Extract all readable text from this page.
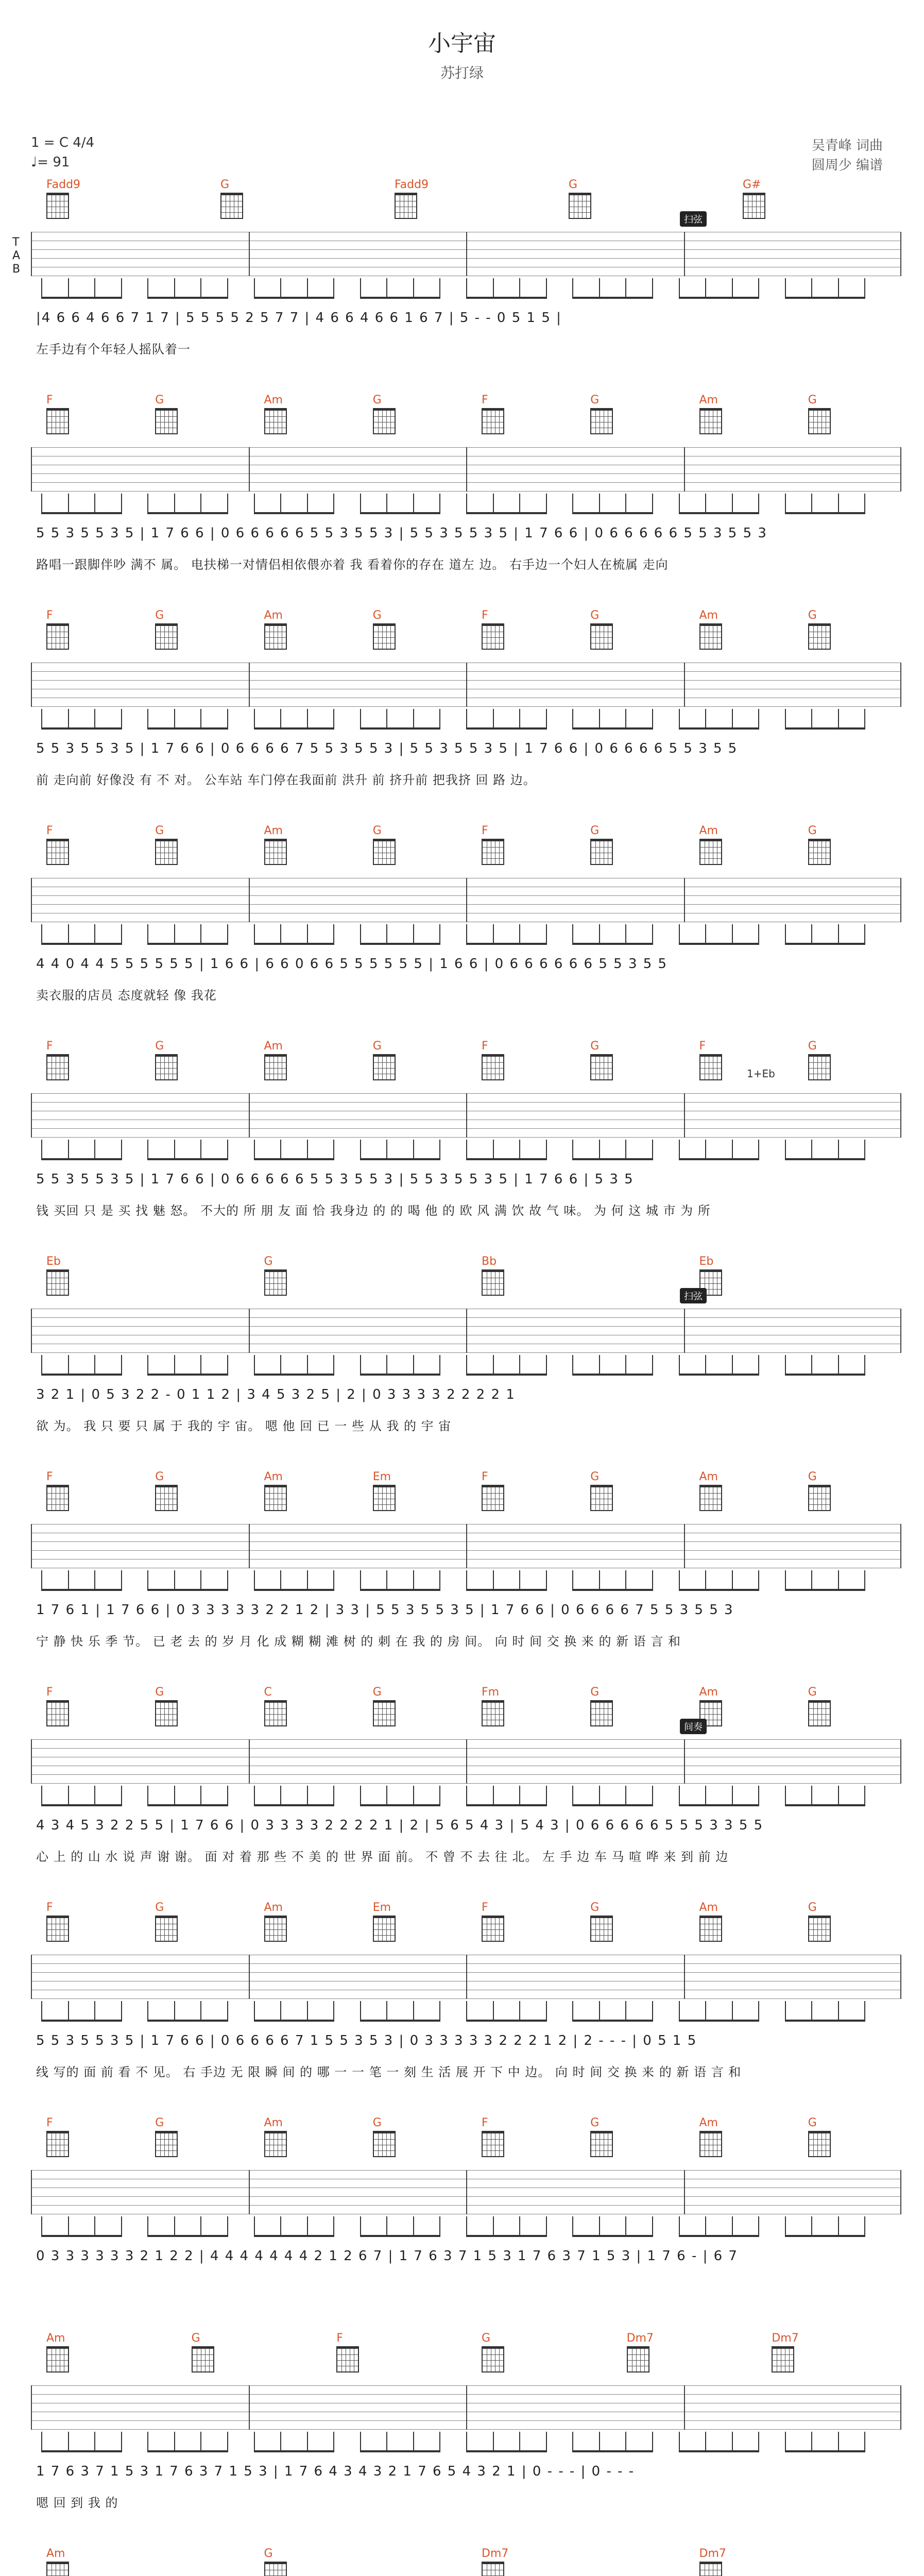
小宇宙
苏打绿
1 = C 4/4
♩= 91
吴青峰 词曲
圆周少 编谱
Fadd9	G	Fadd9	G	G#
T
A
B
|4 6 6 4 6 6 7 1 7 | 5 5 5 5 2 5 7 7 | 4 6 6 4 6 6 1 6 7 | 5 - - 0 5 1 5 |
左手边有个年轻人摇队着一
扫弦
F	G	Am	G	F	G	Am	G
5 5 3 5 5 3 5 | 1 7 6 6 | 0 6 6 6 6 6 5 5 3 5 5 3 | 5 5 3 5 5 3 5 | 1 7 6 6 | 0 6 6 6 6 6 5 5 3 5 5 3
路唱一跟脚伴吵 满不 属。 电扶梯一对情侣相依偎亦着 我 看着你的存在 道左 边。 右手边一个妇人在梳属 走向
F	G	Am	G	F	G	Am	G
5 5 3 5 5 3 5 | 1 7 6 6 | 0 6 6 6 6 7 5 5 3 5 5 3 | 5 5 3 5 5 3 5 | 1 7 6 6 | 0 6 6 6 6 5 5 3 5 5
前 走向前 好像没 有 不 对。 公车站 车门停在我面前 洪升 前 挤升前 把我挤 回 路 边。
F	G	Am	G	F	G	Am	G
4 4 0 4 4 5 5 5 5 5 5 | 1 6 6 | 6 6 0 6 6 5 5 5 5 5 5 | 1 6 6 | 0 6 6 6 6 6 6 5 5 3 5 5
卖衣服的店员 态度就轻 像 我花
F	G	Am	G	F	G	F	G
5 5 3 5 5 3 5 | 1 7 6 6 | 0 6 6 6 6 6 5 5 3 5 5 3 | 5 5 3 5 5 3 5 | 1 7 6 6 | 5 3 5
钱 买回 只 是 买 找 魅 怒。 不大的 所 朋 友 面 恰 我身边 的 的 喝 他 的 欧 风 满 饮 故 气 味。 为 何 这 城 市 为 所
1+Eb
Eb	G	Bb	Eb
3 2 1 | 0 5 3 2 2 - 0 1 1 2 | 3 4 5 3 2 5 | 2 | 0 3 3 3 3 2 2 2 2 1
欲 为。 我 只 要 只 属 于 我的 宇 宙。 嗯 他 回 已 一 些 从 我 的 宇 宙
扫弦
F	G	Am	Em	F	G	Am	G
1 7 6 1 | 1 7 6 6 | 0 3 3 3 3 3 2 2 1 2 | 3 3 | 5 5 3 5 5 3 5 | 1 7 6 6 | 0 6 6 6 6 7 5 5 3 5 5 3
宁 静 快 乐 季 节。 已 老 去 的 岁 月 化 成 糊 糊 滩 树 的 刺 在 我 的 房 间。 向 时 间 交 换 来 的 新 语 言 和
F	G	C	G	Fm	G	Am	G
4 3 4 5 3 2 2 5 5 | 1 7 6 6 | 0 3 3 3 3 2 2 2 2 1 | 2 | 5 6 5 4 3 | 5 4 3 | 0 6 6 6 6 6 5 5 5 3 3 5 5
心 上 的 山 水 说 声 谢 谢。 面 对 着 那 些 不 美 的 世 界 面 前。 不 曾 不 去 往 北。 左 手 边 车 马 喧 哗 来 到 前 边
间奏
F	G	Am	Em	F	G	Am	G
5 5 3 5 5 3 5 | 1 7 6 6 | 0 6 6 6 6 7 1 5 5 3 5 3 | 0 3 3 3 3 3 2 2 2 1 2 | 2 - - - | 0 5 1 5
线 写的 面 前 看 不 见。 右 手边 无 限 瞬 间 的 哪 一 一 笔 一 刻 生 活 展 开 下 中 边。 向 时 间 交 换 来 的 新 语 言 和
F	G	Am	G	F	G	Am	G
0 3 3 3 3 3 3 2 1 2 2 | 4 4 4 4 4 4 4 2 1 2 6 7 | 1 7 6 3 7 1 5 3 1 7 6 3 7 1 5 3 | 1 7 6 - | 6 7
Am	G	F	G	Dm7	Dm7
1 7 6 3 7 1 5 3 1 7 6 3 7 1 5 3 | 1 7 6 4 3 4 3 2 1 7 6 5 4 3 2 1 | 0 - - - | 0 - - -
嗯 回 到 我 的
Am	G	Dm7	Dm7
